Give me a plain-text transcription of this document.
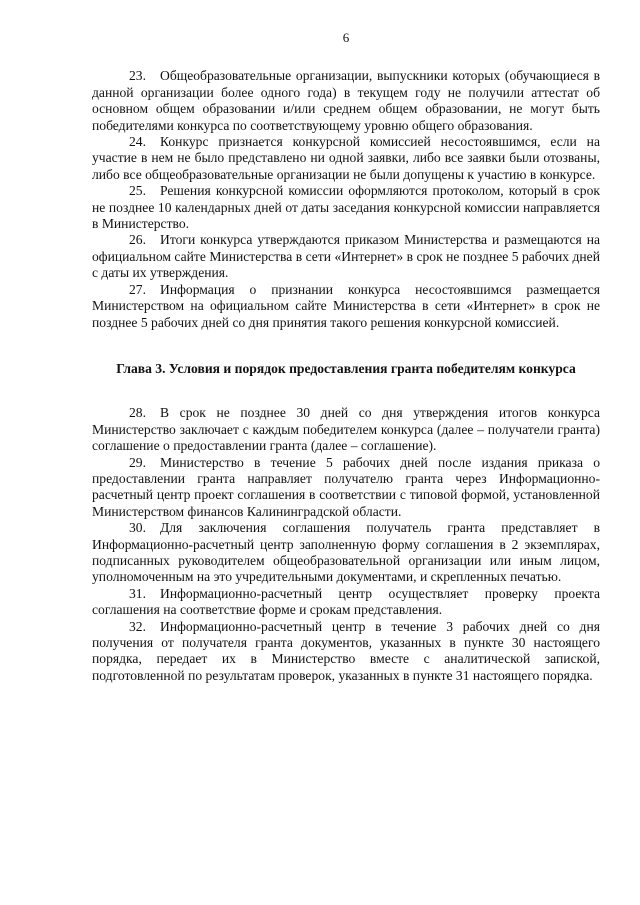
6

23. Общеобразовательные организации, выпускники которых (обучающиеся в данной организации более одного года) в текущем году не получили аттестат об основном общем образовании и/или среднем общем образовании, не могут быть победителями конкурса по соответствующему уровню общего образования.

24. Конкурс признается конкурсной комиссией несостоявшимся, если на участие в нем не было представлено ни одной заявки, либо все заявки были отозваны, либо все общеобразовательные организации не были допущены к участию в конкурсе.

25. Решения конкурсной комиссии оформляются протоколом, который в срок не позднее 10 календарных дней от даты заседания конкурсной комиссии направляется в Министерство.

26. Итоги конкурса утверждаются приказом Министерства и размещаются на официальном сайте Министерства в сети «Интернет» в срок не позднее 5 рабочих дней с даты их утверждения.

27. Информация о признании конкурса несостоявшимся размещается Министерством на официальном сайте Министерства в сети «Интернет» в срок не позднее 5 рабочих дней со дня принятия такого решения конкурсной комиссией.

Глава 3. Условия и порядок предоставления гранта победителям конкурса

28. В срок не позднее 30 дней со дня утверждения итогов конкурса Министерство заключает с каждым победителем конкурса (далее – получатели гранта) соглашение о предоставлении гранта (далее – соглашение).

29. Министерство в течение 5 рабочих дней после издания приказа о предоставлении гранта направляет получателю гранта через Информационно-расчетный центр проект соглашения в соответствии с типовой формой, установленной Министерством финансов Калининградской области.

30. Для заключения соглашения получатель гранта представляет в Информационно-расчетный центр заполненную форму соглашения в 2 экземплярах, подписанных руководителем общеобразовательной организации или иным лицом, уполномоченным на это учредительными документами, и скрепленных печатью.

31. Информационно-расчетный центр осуществляет проверку проекта соглашения на соответствие форме и срокам представления.

32. Информационно-расчетный центр в течение 3 рабочих дней со дня получения от получателя гранта документов, указанных в пункте 30 настоящего порядка, передает их в Министерство вместе с аналитической запиской, подготовленной по результатам проверок, указанных в пункте 31 настоящего порядка.
